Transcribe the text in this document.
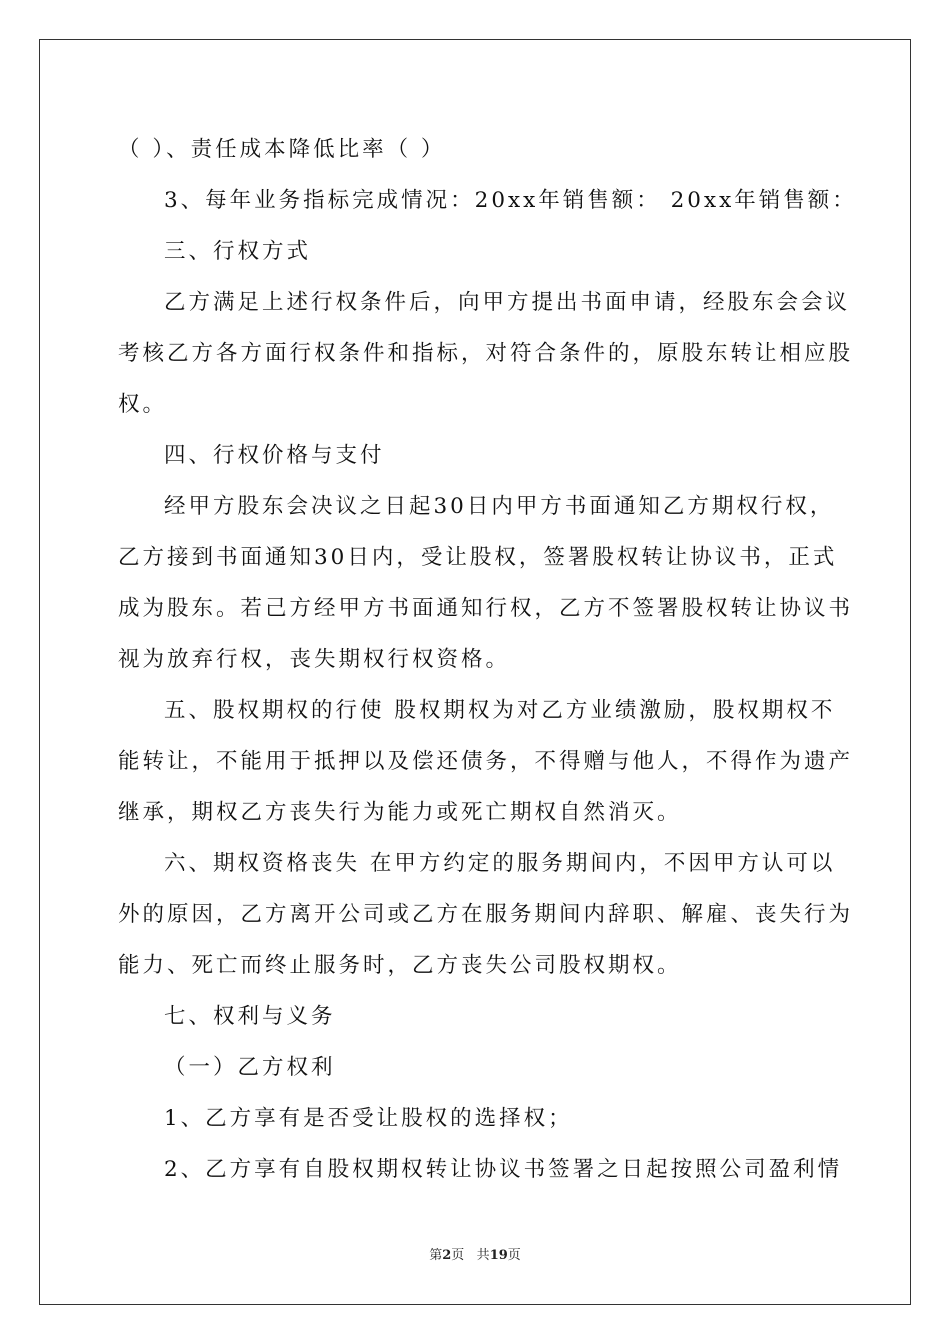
（ ）、责任成本降低比率（ ）
3、每年业务指标完成情况：20xx年销售额： 20xx年销售额：
三、行权方式
乙方满足上述行权条件后，向甲方提出书面申请，经股东会会议
考核乙方各方面行权条件和指标，对符合条件的，原股东转让相应股
权。
四、行权价格与支付
经甲方股东会决议之日起30日内甲方书面通知乙方期权行权，
乙方接到书面通知30日内，受让股权，签署股权转让协议书，正式
成为股东。若己方经甲方书面通知行权，乙方不签署股权转让协议书
视为放弃行权，丧失期权行权资格。
五、股权期权的行使 股权期权为对乙方业绩激励，股权期权不
能转让，不能用于抵押以及偿还债务，不得赠与他人，不得作为遗产
继承，期权乙方丧失行为能力或死亡期权自然消灭。
六、期权资格丧失 在甲方约定的服务期间内，不因甲方认可以
外的原因，乙方离开公司或乙方在服务期间内辞职、解雇、丧失行为
能力、死亡而终止服务时，乙方丧失公司股权期权。
七、权利与义务
（一）乙方权利
1、乙方享有是否受让股权的选择权；
2、乙方享有自股权期权转让协议书签署之日起按照公司盈利情
第2页 共19页
